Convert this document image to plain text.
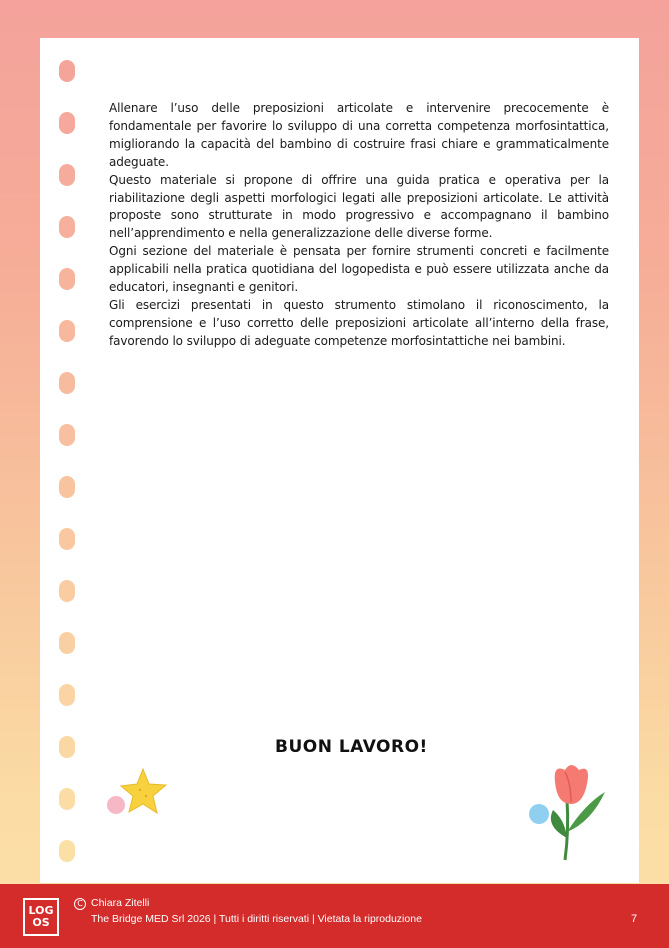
Allenare l’uso delle preposizioni articolate e intervenire precocemente è fondamentale per favorire lo sviluppo di una corretta competenza morfosintattica, migliorando la capacità del bambino di costruire frasi chiare e grammaticalmente adeguate.

Questo materiale si propone di offrire una guida pratica e operativa per la riabilitazione degli aspetti morfologici legati alle preposizioni articolate. Le attività proposte sono strutturate in modo progressivo e accompagnano il bambino nell’apprendimento e nella generalizzazione delle diverse forme.

Ogni sezione del materiale è pensata per fornire strumenti concreti e facilmente applicabili nella pratica quotidiana del logopedista e può essere utilizzata anche da educatori, insegnanti e genitori.

Gli esercizi presentati in questo strumento stimolano il riconoscimento, la comprensione e l’uso corretto delle preposizioni articolate all’interno della frase, favorendo lo sviluppo di adeguate competenze morfosintattiche nei bambini.

BUON LAVORO!
LOG
OS
C Chiara Zitelli
The Bridge MED Srl 2026 | Tutti i diritti riservati | Vietata la riproduzione	7
